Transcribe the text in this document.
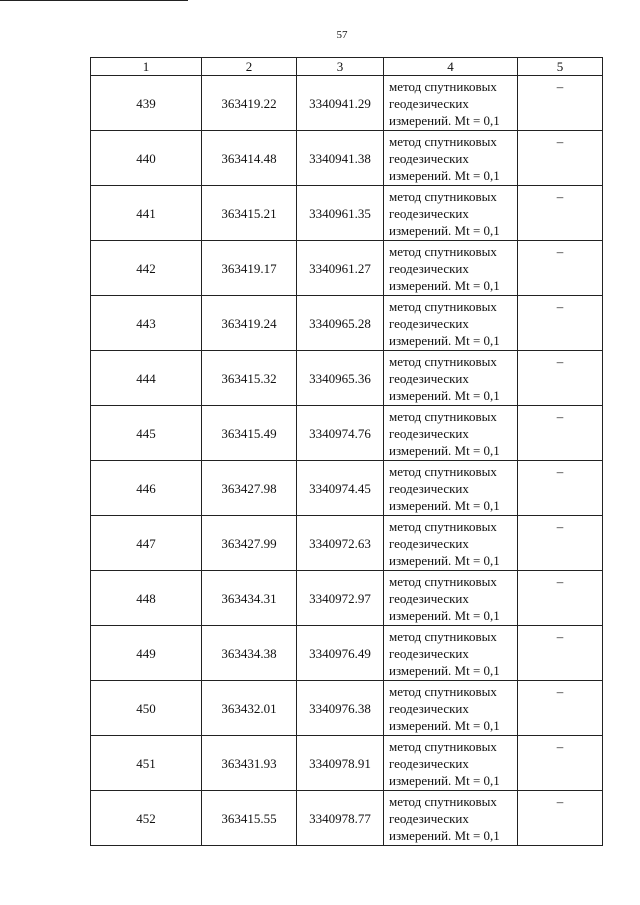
57
1	2	3	4	5
439	363419.22	3340941.29	метод спутниковых
геодезических
измерений. Mt = 0,1	–
440	363414.48	3340941.38	метод спутниковых
геодезических
измерений. Mt = 0,1	–
441	363415.21	3340961.35	метод спутниковых
геодезических
измерений. Mt = 0,1	–
442	363419.17	3340961.27	метод спутниковых
геодезических
измерений. Mt = 0,1	–
443	363419.24	3340965.28	метод спутниковых
геодезических
измерений. Mt = 0,1	–
444	363415.32	3340965.36	метод спутниковых
геодезических
измерений. Mt = 0,1	–
445	363415.49	3340974.76	метод спутниковых
геодезических
измерений. Mt = 0,1	–
446	363427.98	3340974.45	метод спутниковых
геодезических
измерений. Mt = 0,1	–
447	363427.99	3340972.63	метод спутниковых
геодезических
измерений. Mt = 0,1	–
448	363434.31	3340972.97	метод спутниковых
геодезических
измерений. Mt = 0,1	–
449	363434.38	3340976.49	метод спутниковых
геодезических
измерений. Mt = 0,1	–
450	363432.01	3340976.38	метод спутниковых
геодезических
измерений. Mt = 0,1	–
451	363431.93	3340978.91	метод спутниковых
геодезических
измерений. Mt = 0,1	–
452	363415.55	3340978.77	метод спутниковых
геодезических
измерений. Mt = 0,1	–
